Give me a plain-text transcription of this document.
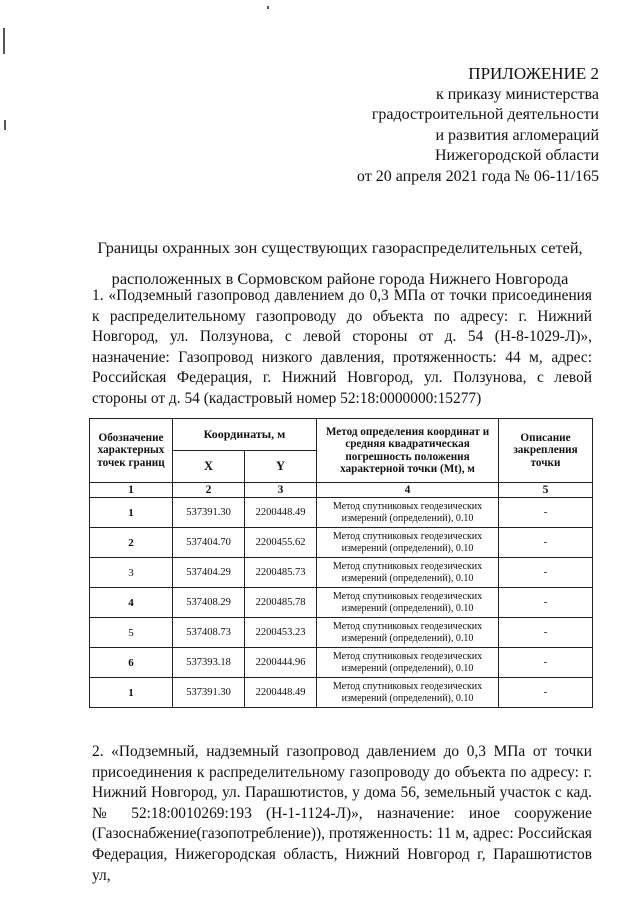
ПРИЛОЖЕНИЕ 2
к приказу министерства
градостроительной деятельности
и развития агломераций
Нижегородской области
от 20 апреля 2021 года № 06-11/165
Границы охранных зон существующих газораспределительных сетей,
расположенных в Сормовском районе города Нижнего Новгорода

1. «Подземный газопровод давлением до 0,3 МПа от точки присоединения к распределительному газопроводу до объекта по адресу: г. Нижний Новгород, ул. Ползунова, с левой стороны от д. 54 (Н-8-1029-Л)», назначение: Газопровод низкого давления, протяженность: 44 м, адрес: Российская Федерация, г. Нижний Новгород, ул. Ползунова, с левой стороны от д. 54 (кадастровый номер 52:18:0000000:15277)

Обозначение характерных точек границ	Координаты, м		Метод определения координат и средняя квадратическая погрешность положения характерной точки (Mt), м	Описание закрепления точки
	X	Y		
1	2	3	4	5
1	537391.30	2200448.49	Метод спутниковых геодезических измерений (определений), 0.10	-
2	537404.70	2200455.62	Метод спутниковых геодезических измерений (определений), 0.10	-
3	537404.29	2200485.73	Метод спутниковых геодезических измерений (определений), 0.10	-
4	537408.29	2200485.78	Метод спутниковых геодезических измерений (определений), 0.10	-
5	537408.73	2200453.23	Метод спутниковых геодезических измерений (определений), 0.10	-
6	537393.18	2200444.96	Метод спутниковых геодезических измерений (определений), 0.10	-
1	537391.30	2200448.49	Метод спутниковых геодезических измерений (определений), 0.10	-

2. «Подземный, надземный газопровод давлением до 0,3 МПа от точки присоединения к распределительному газопроводу до объекта по адресу: г. Нижний Новгород, ул. Парашютистов, у дома 56, земельный участок с кад. № 52:18:0010269:193 (Н-1-1124-Л)», назначение: иное сооружение (Газоснабжение(газопотребление)), протяженность: 11 м, адрес: Российская Федерация, Нижегородская область, Нижний Новгород г, Парашютистов ул,
